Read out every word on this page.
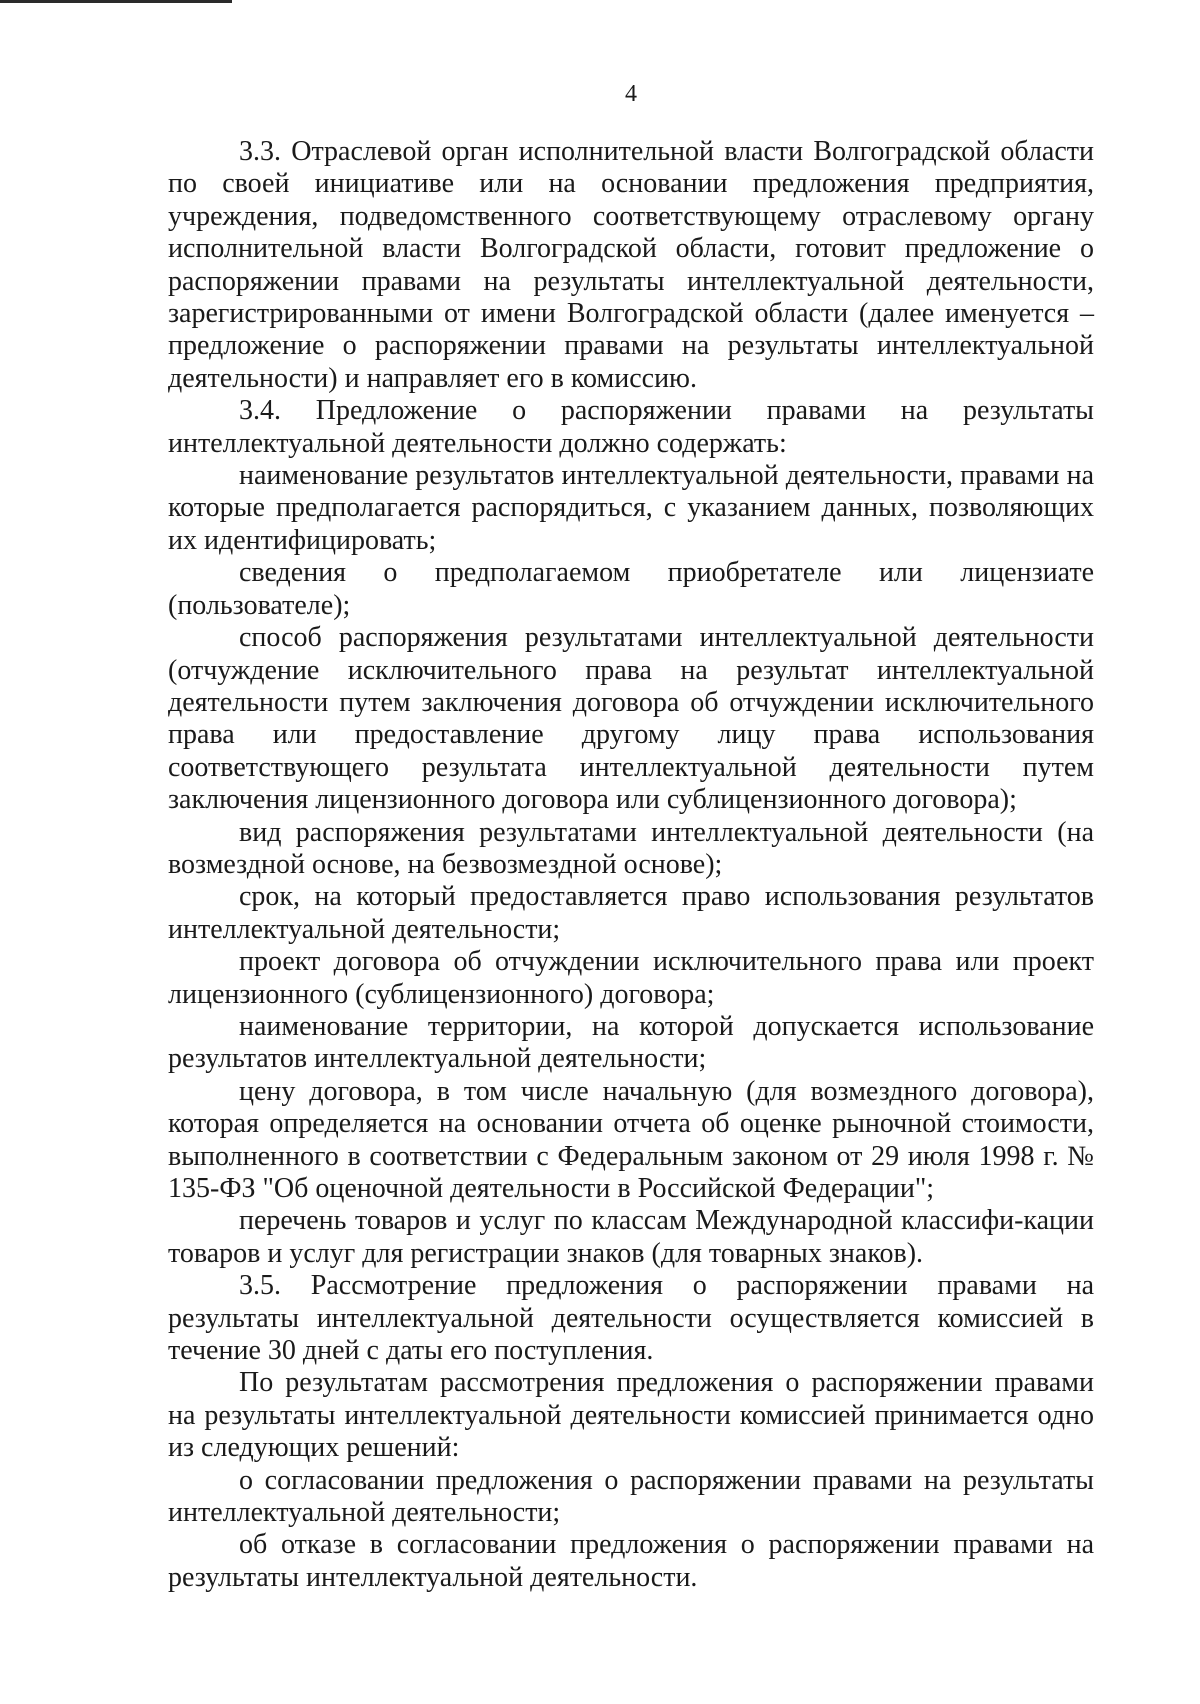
4

3.3. Отраслевой орган исполнительной власти Волгоградской области по своей инициативе или на основании предложения предприятия, учреждения, подведомственного соответствующему отраслевому органу исполнительной власти Волгоградской области, готовит предложение о распоряжении правами на результаты интеллектуальной деятельности, зарегистрированными от имени Волгоградской области (далее именуется – предложение о распоряжении правами на результаты интеллектуальной деятельности) и направляет его в комиссию.

3.4. Предложение о распоряжении правами на результаты интеллектуальной деятельности должно содержать:

наименование результатов интеллектуальной деятельности, правами на которые предполагается распорядиться, с указанием данных, позволяющих их идентифицировать;

сведения о предполагаемом приобретателе или лицензиате (пользователе);

способ распоряжения результатами интеллектуальной деятельности (отчуждение исключительного права на результат интеллектуальной деятельности путем заключения договора об отчуждении исключительного права или предоставление другому лицу права использования соответствующего результата интеллектуальной деятельности путем заключения лицензионного договора или сублицензионного договора);

вид распоряжения результатами интеллектуальной деятельности (на возмездной основе, на безвозмездной основе);

срок, на который предоставляется право использования результатов интеллектуальной деятельности;

проект договора об отчуждении исключительного права или проект лицензионного (сублицензионного) договора;

наименование территории, на которой допускается использование результатов интеллектуальной деятельности;

цену договора, в том числе начальную (для возмездного договора), которая определяется на основании отчета об оценке рыночной стоимости, выполненного в соответствии с Федеральным законом от 29 июля 1998 г. № 135-ФЗ "Об оценочной деятельности в Российской Федерации";

перечень товаров и услуг по классам Международной классифи-кации товаров и услуг для регистрации знаков (для товарных знаков).

3.5. Рассмотрение предложения о распоряжении правами на результаты интеллектуальной деятельности осуществляется комиссией в течение 30 дней с даты его поступления.

По результатам рассмотрения предложения о распоряжении правами на результаты интеллектуальной деятельности комиссией принимается одно из следующих решений:

о согласовании предложения о распоряжении правами на результаты интеллектуальной деятельности;

об отказе в согласовании предложения о распоряжении правами на результаты интеллектуальной деятельности.
